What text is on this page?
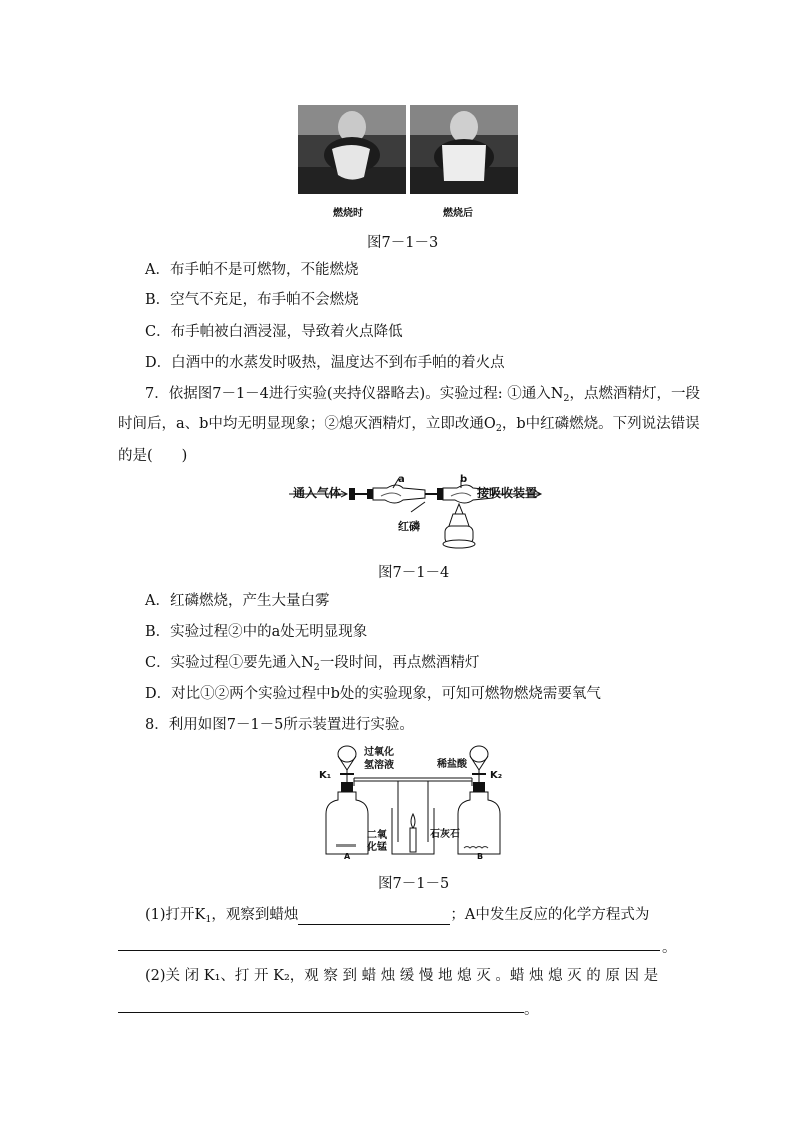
燃烧时	燃烧后
图7－1－3
A．布手帕不是可燃物，不能燃烧
B．空气不充足，布手帕不会燃烧
C．布手帕被白酒浸湿，导致着火点降低
D．白酒中的水蒸发时吸热，温度达不到布手帕的着火点
7．依据图7－1－4进行实验(夹持仪器略去)。实验过程: ①通入$N_2$，点燃酒精灯，一段
时间后，a、b中均无明显现象；②熄灭酒精灯，立即改通$O_2$，b中红磷燃烧。下列说法错误
的是(　　)
通入气体
a	b
接吸收装置
红磷
图7－1－4
A．红磷燃烧，产生大量白雾
B．实验过程②中的a处无明显现象
C．实验过程①要先通入$N_2$一段时间，再点燃酒精灯
D．对比①②两个实验过程中b处的实验现象，可知可燃物燃烧需要氧气
8．利用如图7－1－5所示装置进行实验。
过氧化
氢溶液	稀盐酸
K₁	K₂
二氧
化锰
石灰石
A	B
图7－1－5
(1)打开$K_1$，观察到蜡烛	；A中发生反应的化学方程式为
。
(2)关 闭 K₁、打 开 K₂，观 察 到 蜡 烛 缓 慢 地 熄 灭 。蜡 烛 熄 灭 的 原 因 是
。
